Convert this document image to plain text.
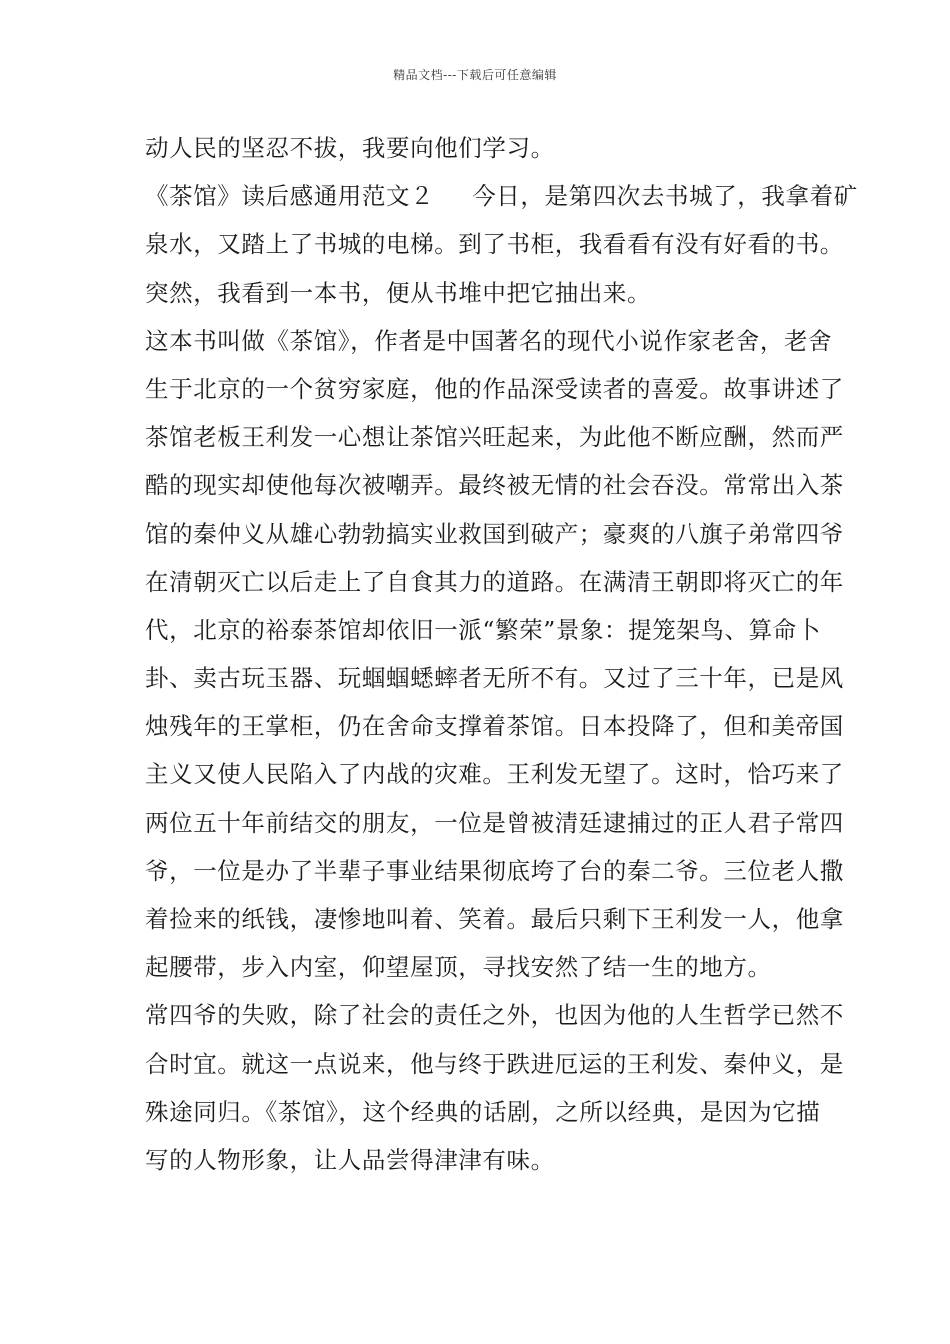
精品文档---下载后可任意编辑
动人民的坚忍不拔，我要向他们学习。
《茶馆》读后感通用范文２ 今日，是第四次去书城了，我拿着矿
泉水，又踏上了书城的电梯。到了书柜，我看看有没有好看的书。
突然，我看到一本书，便从书堆中把它抽出来。
这本书叫做《茶馆》，作者是中国著名的现代小说作家老舍，老舍
生于北京的一个贫穷家庭，他的作品深受读者的喜爱。故事讲述了
茶馆老板王利发一心想让茶馆兴旺起来，为此他不断应酬，然而严
酷的现实却使他每次被嘲弄。最终被无情的社会吞没。常常出入茶
馆的秦仲义从雄心勃勃搞实业救国到破产；豪爽的八旗子弟常四爷
在清朝灭亡以后走上了自食其力的道路。在满清王朝即将灭亡的年
代，北京的裕泰茶馆却依旧一派“繁荣”景象：提笼架鸟、算命卜
卦、卖古玩玉器、玩蝈蝈蟋蟀者无所不有。又过了三十年，已是风
烛残年的王掌柜，仍在舍命支撑着茶馆。日本投降了，但和美帝国
主义又使人民陷入了内战的灾难。王利发无望了。这时，恰巧来了
两位五十年前结交的朋友，一位是曾被清廷逮捕过的正人君子常四
爷，一位是办了半辈子事业结果彻底垮了台的秦二爷。三位老人撒
着捡来的纸钱，凄惨地叫着、笑着。最后只剩下王利发一人，他拿
起腰带，步入内室，仰望屋顶，寻找安然了结一生的地方。
常四爷的失败，除了社会的责任之外，也因为他的人生哲学已然不
合时宜。就这一点说来，他与终于跌进厄运的王利发、秦仲义，是
殊途同归。《茶馆》，这个经典的话剧，之所以经典，是因为它描
写的人物形象，让人品尝得津津有味。
